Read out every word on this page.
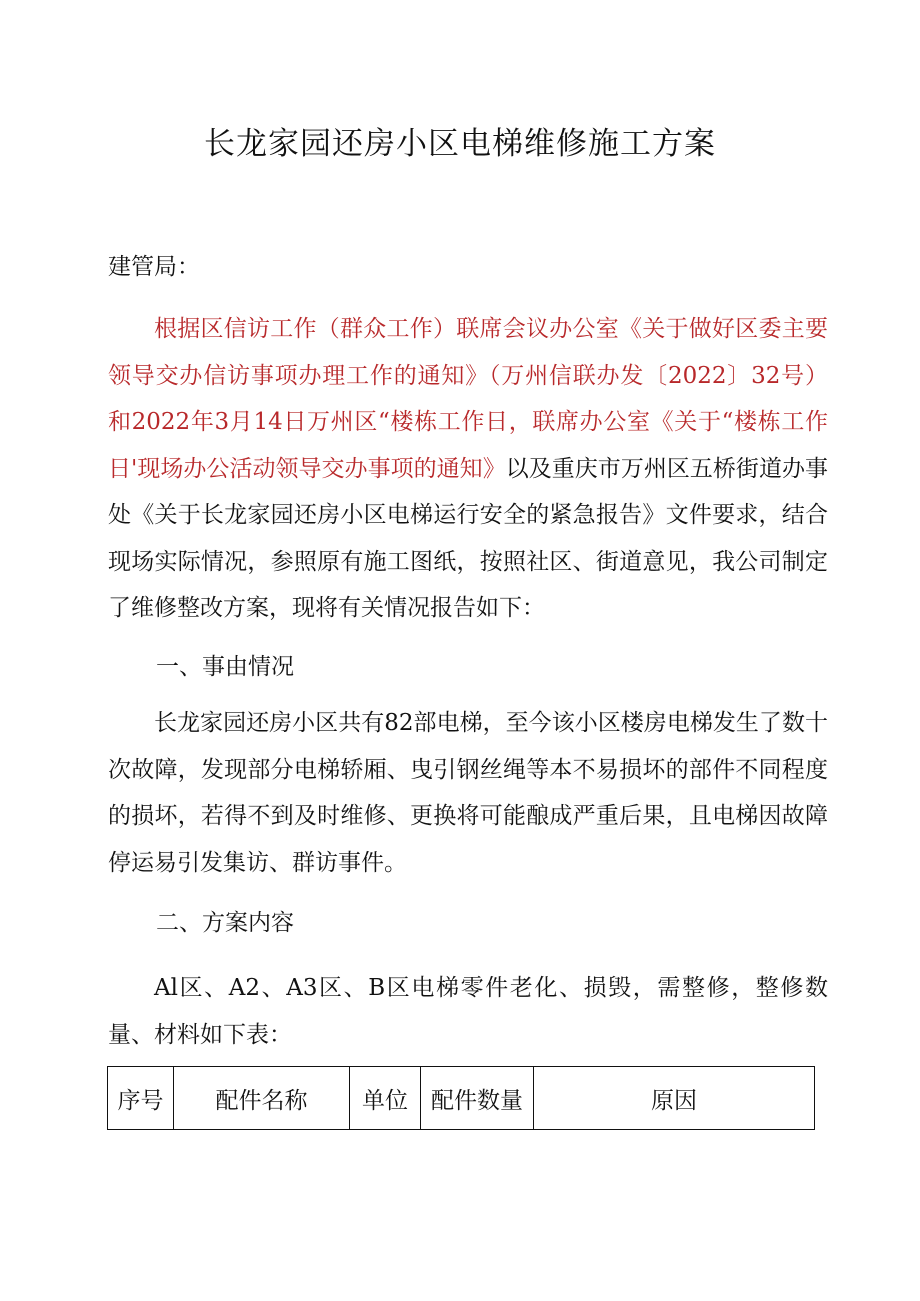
长龙家园还房小区电梯维修施工方案
建管局：

根据区信访工作（群众工作）联席会议办公室《关于做好区委主要领导交办信访事项办理工作的通知》（万州信联办发〔2022〕32号）和2022年3月14日万州区“楼栋工作日，联席办公室《关于“楼栋工作日'现场办公活动领导交办事项的通知》以及重庆市万州区五桥街道办事处《关于长龙家园还房小区电梯运行安全的紧急报告》文件要求，结合现场实际情况，参照原有施工图纸，按照社区、街道意见，我公司制定了维修整改方案，现将有关情况报告如下：

一、事由情况

长龙家园还房小区共有82部电梯，至今该小区楼房电梯发生了数十次故障，发现部分电梯轿厢、曳引钢丝绳等本不易损坏的部件不同程度的损坏，若得不到及时维修、更换将可能酿成严重后果，且电梯因故障停运易引发集访、群访事件。

二、方案内容

Al区、A2、A3区、B区电梯零件老化、损毁，需整修，整修数量、材料如下表：

序号	配件名称	单位	配件数量	原因
